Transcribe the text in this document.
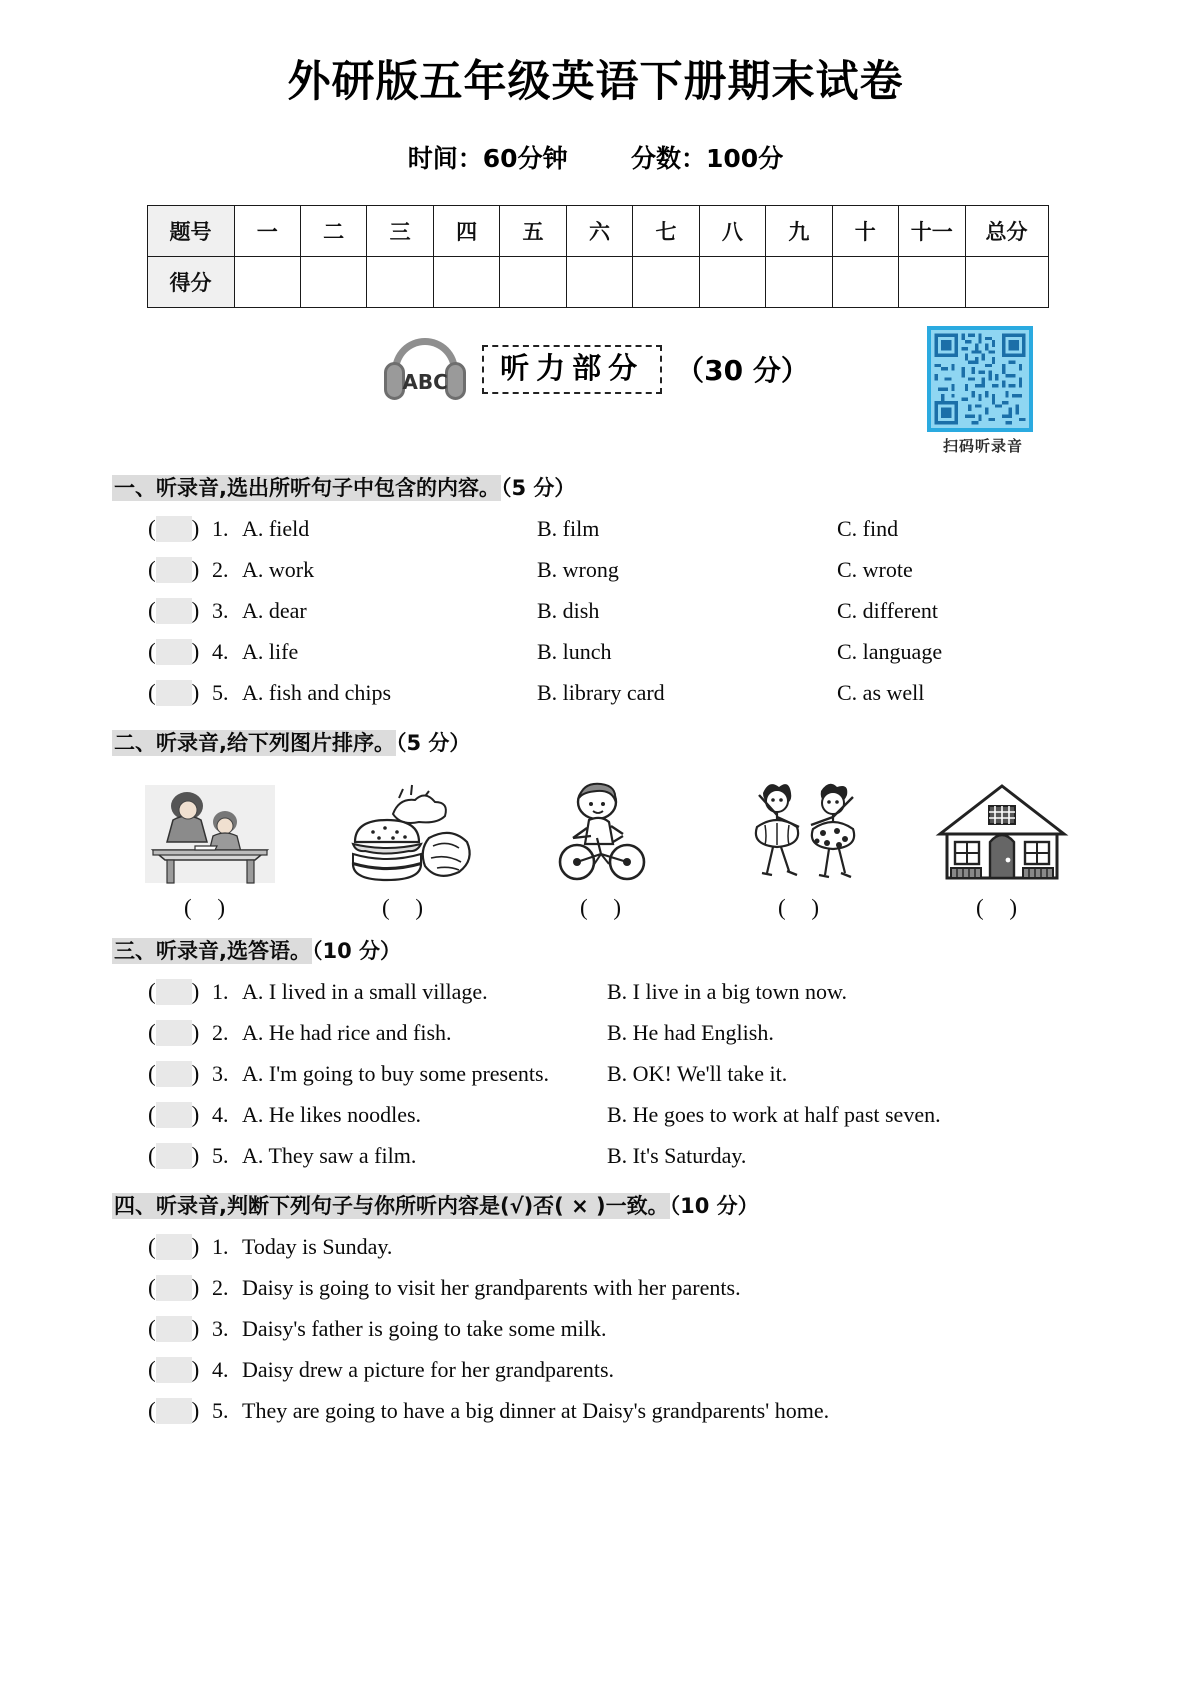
外研版五年级英语下册期末试卷
时间：60分钟	分数：100分
题号	一	二	三	四	五	六	七	八	九	十	十一	总分
得分												
ABC	听力部分	（30 分）
扫码听录音
一、听录音,选出所听句子中包含的内容。（5 分）
( ) 1. A. field	B. film	C. find
( ) 2. A. work	B. wrong	C. wrote
( ) 3. A. dear	B. dish	C. different
( ) 4. A. life	B. lunch	C. language
( ) 5. A. fish and chips	B. library card	C. as well
二、听录音,给下列图片排序。（5 分）
( )	( )	( )	( )	( )
三、听录音,选答语。（10 分）
( ) 1. A. I lived in a small village.	B. I live in a big town now.
( ) 2. A. He had rice and fish.	B. He had English.
( ) 3. A. I'm going to buy some presents.	B. OK! We'll take it.
( ) 4. A. He likes noodles.	B. He goes to work at half past seven.
( ) 5. A. They saw a film.	B. It's Saturday.
四、听录音,判断下列句子与你所听内容是(√)否( × )一致。（10 分）
( ) 1. Today is Sunday.
( ) 2. Daisy is going to visit her grandparents with her parents.
( ) 3. Daisy's father is going to take some milk.
( ) 4. Daisy drew a picture for her grandparents.
( ) 5. They are going to have a big dinner at Daisy's grandparents' home.
